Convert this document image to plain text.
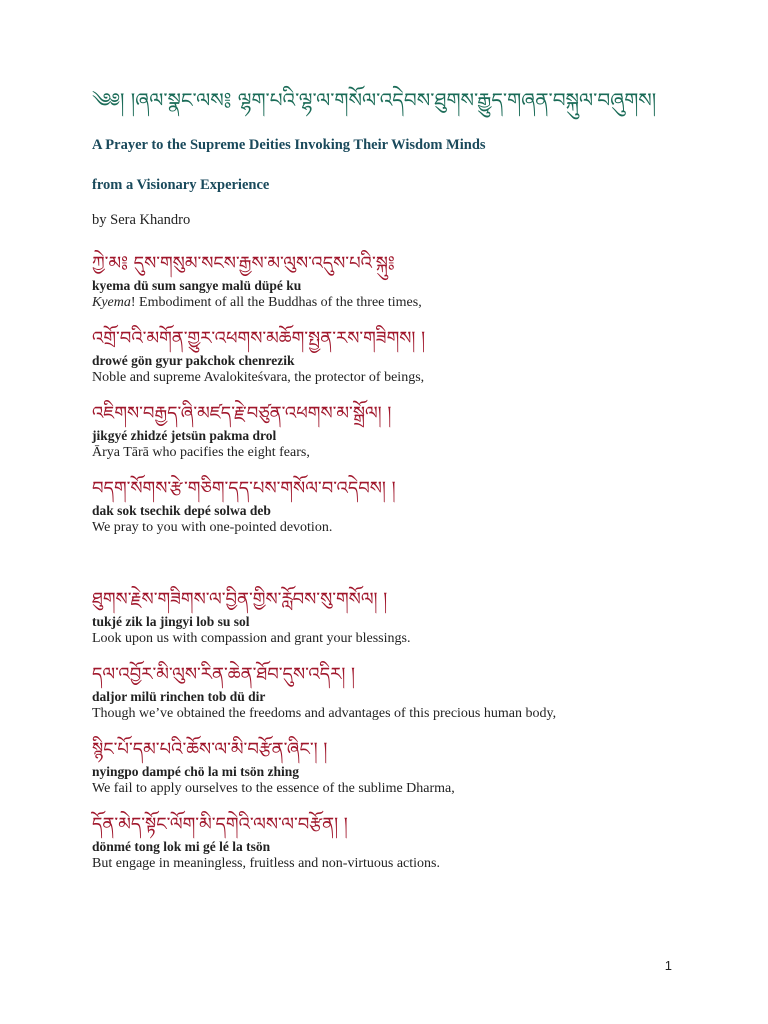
༄༅། །ཞལ་སྣང་ལས༔ ལྷག་པའི་ལྷ་ལ་གསོལ་འདེབས་ཐུགས་རྒྱུད་གཞན་བསྐུལ་བཞུགས།
A Prayer to the Supreme Deities Invoking Their Wisdom Minds
from a Visionary Experience
by Sera Khandro
ཀྱེ་མ༔ དུས་གསུམ་སངས་རྒྱས་མ་ལུས་འདུས་པའི་སྐུ༔
kyema dü sum sangye malü düpé ku
Kyema! Embodiment of all the Buddhas of the three times,
འགྲོ་བའི་མགོན་གྱུར་འཕགས་མཆོག་སྤྱན་རས་གཟིགས། །
drowé gön gyur pakchok chenrezik
Noble and supreme Avalokiteśvara, the protector of beings,
འཇིགས་བརྒྱད་ཞི་མཛད་རྗེ་བཙུན་འཕགས་མ་སྒྲོལ། །
jikgyé zhidzé jetsün pakma drol
Ārya Tārā who pacifies the eight fears,
བདག་སོགས་རྩེ་གཅིག་དད་པས་གསོལ་བ་འདེབས། །
dak sok tsechik depé solwa deb
We pray to you with one-pointed devotion.
ཐུགས་རྗེས་གཟིགས་ལ་བྱིན་གྱིས་རློབས་སུ་གསོལ། །
tukjé zik la jingyi lob su sol
Look upon us with compassion and grant your blessings.
དལ་འབྱོར་མི་ལུས་རིན་ཆེན་ཐོབ་དུས་འདིར། །
daljor milü rinchen tob dü dir
Though we’ve obtained the freedoms and advantages of this precious human body,
སྙིང་པོ་དམ་པའི་ཆོས་ལ་མི་བརྩོན་ཞིང་། །
nyingpo dampé chö la mi tsön zhing
We fail to apply ourselves to the essence of the sublime Dharma,
དོན་མེད་སྟོང་ལོག་མི་དགེའི་ལས་ལ་བརྩོན། །
dönmé tong lok mi gé lé la tsön
But engage in meaningless, fruitless and non-virtuous actions.
1
